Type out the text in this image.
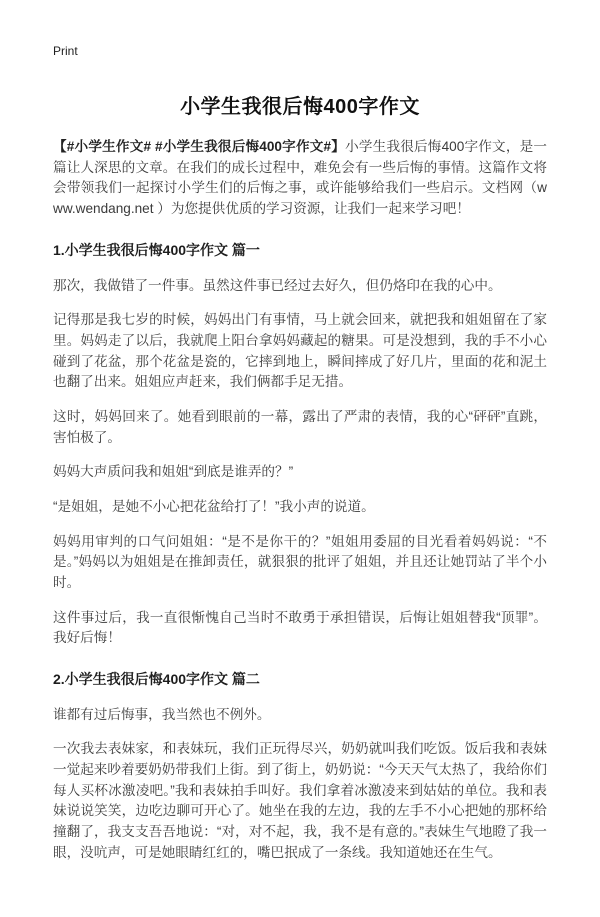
Print
小学生我很后悔400字作文

【#小学生作文# #小学生我很后悔400字作文#】小学生我很后悔400字作文，是一篇让人深思的文章。在我们的成长过程中，难免会有一些后悔的事情。这篇作文将会带领我们一起探讨小学生们的后悔之事，或许能够给我们一些启示。文档网（www.wendang.net ）为您提供优质的学习资源，让我们一起来学习吧！

1.小学生我很后悔400字作文 篇一

那次，我做错了一件事。虽然这件事已经过去好久，但仍烙印在我的心中。

记得那是我七岁的时候，妈妈出门有事情，马上就会回来，就把我和姐姐留在了家里。妈妈走了以后，我就爬上阳台拿妈妈藏起的糖果。可是没想到，我的手不小心碰到了花盆，那个花盆是瓷的，它摔到地上，瞬间摔成了好几片，里面的花和泥土也翻了出来。姐姐应声赶来，我们俩都手足无措。

这时，妈妈回来了。她看到眼前的一幕，露出了严肃的表情，我的心“砰砰”直跳，害怕极了。

妈妈大声质问我和姐姐“到底是谁弄的？”

“是姐姐，是她不小心把花盆给打了！”我小声的说道。

妈妈用审判的口气问姐姐：“是不是你干的？”姐姐用委屈的目光看着妈妈说：“不是。”妈妈以为姐姐是在推卸责任，就狠狠的批评了姐姐，并且还让她罚站了半个小时。

这件事过后，我一直很惭愧自己当时不敢勇于承担错误，后悔让姐姐替我“顶罪”。我好后悔！

2.小学生我很后悔400字作文 篇二

谁都有过后悔事，我当然也不例外。

一次我去表妹家，和表妹玩，我们正玩得尽兴，奶奶就叫我们吃饭。饭后我和表妹一觉起来吵着要奶奶带我们上街。到了街上，奶奶说：“今天天气太热了，我给你们每人买杯冰激凌吧。”我和表妹拍手叫好。我们拿着冰激凌来到姑姑的单位。我和表妹说说笑笑，边吃边聊可开心了。她坐在我的左边，我的左手不小心把她的那杯给撞翻了，我支支吾吾地说：“对，对不起，我，我不是有意的。”表妹生气地瞪了我一眼，没吭声，可是她眼睛红红的，嘴巴抿成了一条线。我知道她还在生气。
